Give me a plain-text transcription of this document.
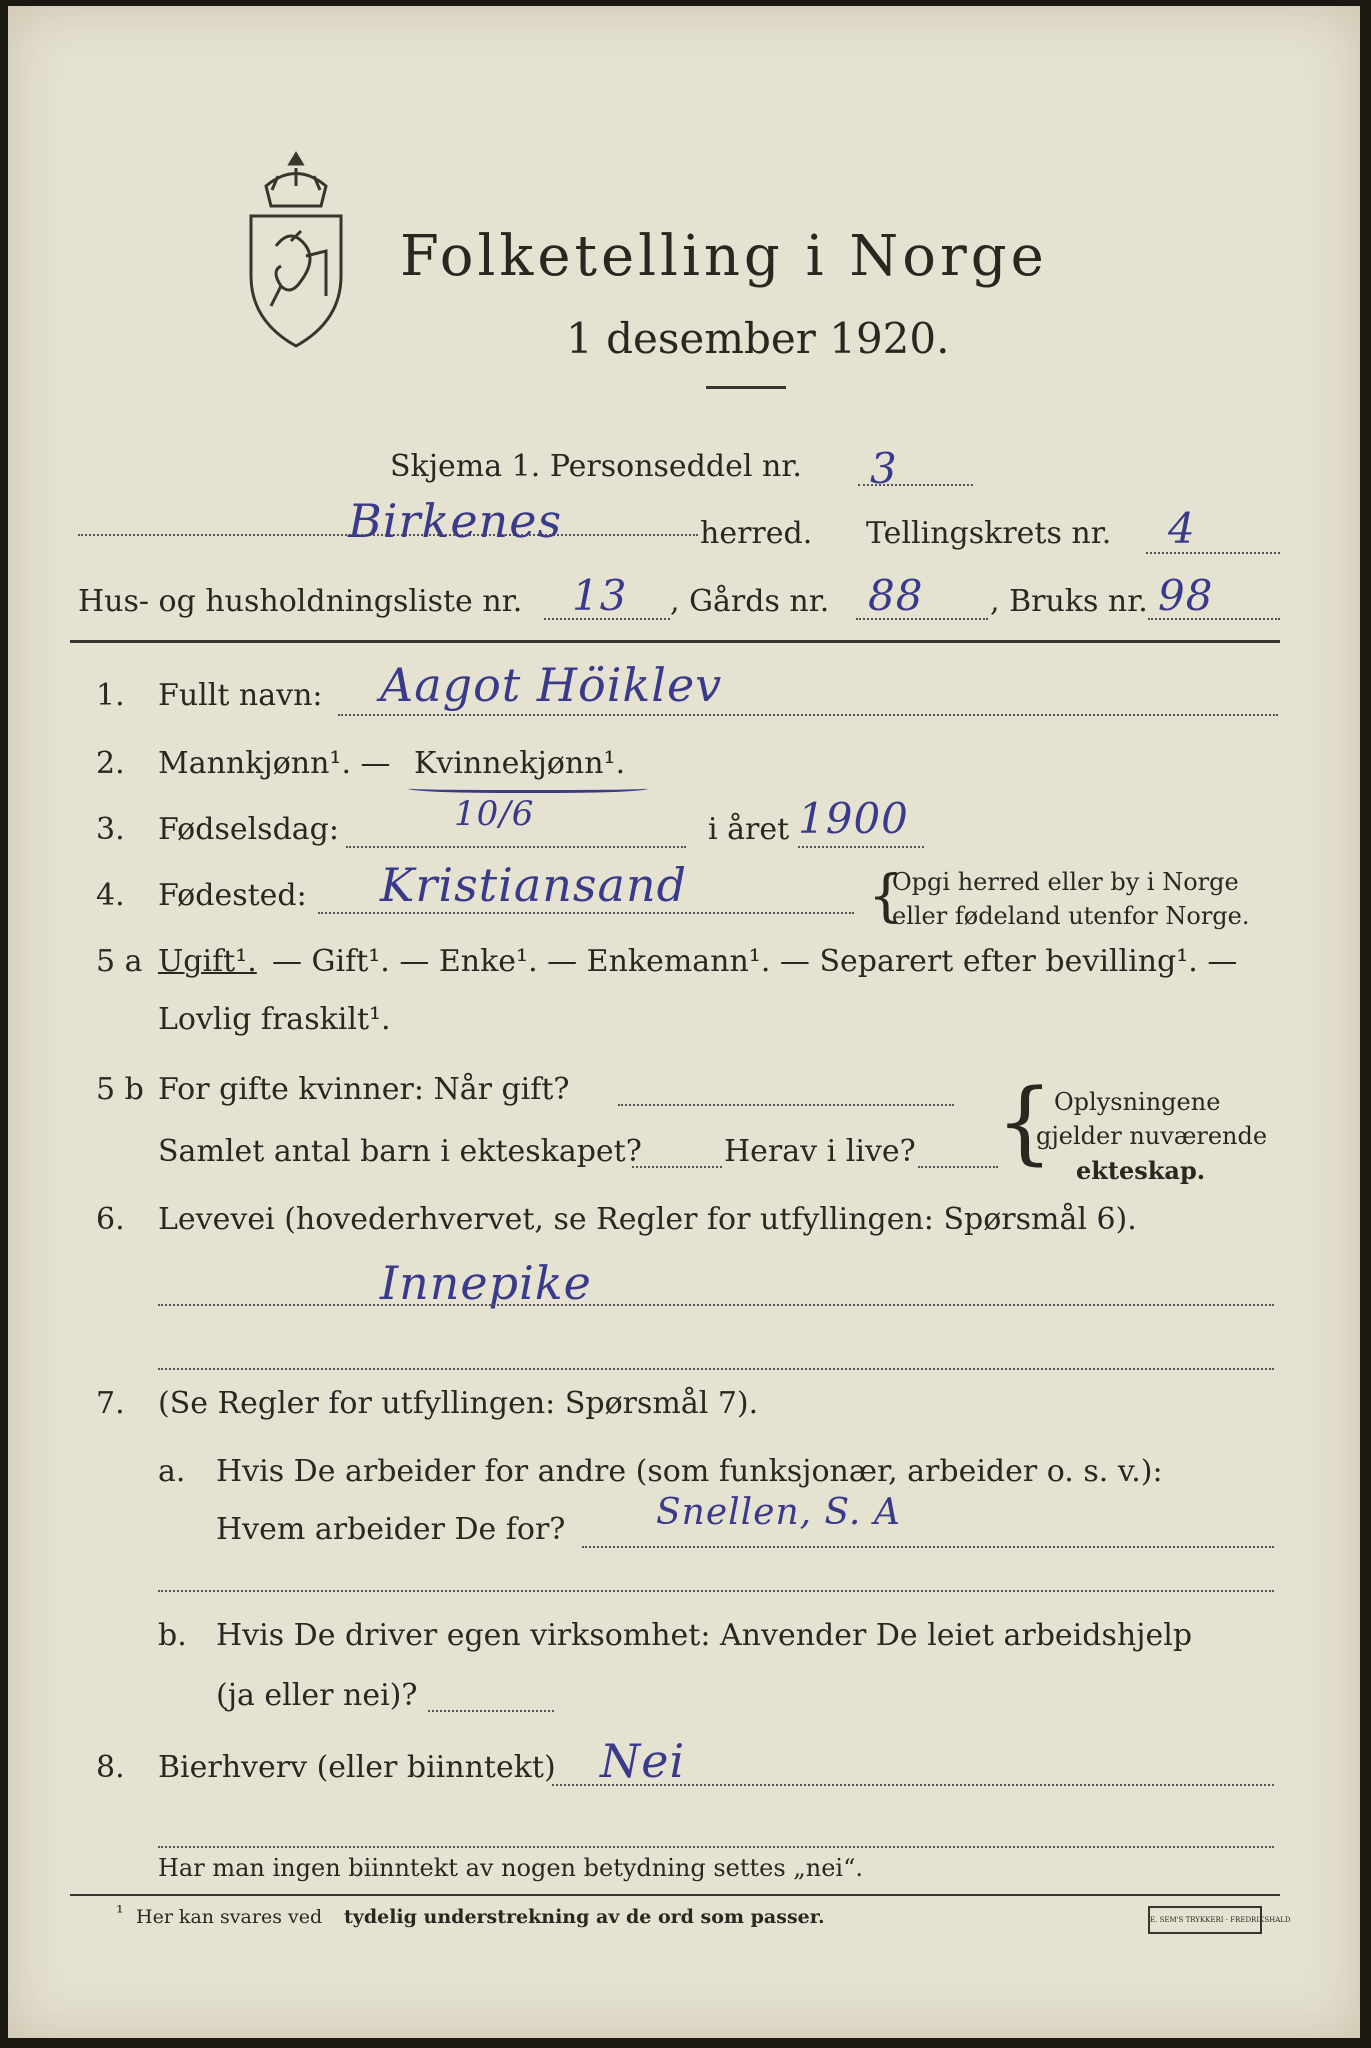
Folketelling i Norge
1 desember 1920.
Skjema 1. Personseddel nr. 3
Birkenes	herred. Tellingskrets nr. 4
Hus- og husholdningsliste nr. 13 , Gårds nr. 88 , Bruks nr. 98
1. Fullt navn: Aagot Höiklev
2. Mannkjønn¹. — Kvinnekjønn¹.
3. Fødselsdag:	10/6	i året 1900
4. Fødested: Kristiansand	{
Opgi herred eller by i Norge
eller fødeland utenfor Norge.
5 a Ugift¹. — Gift¹. — Enke¹. — Enkemann¹. — Separert efter bevilling¹. —
Lovlig fraskilt¹.
5 b For gifte kvinner: Når gift?
Samlet antal barn i ekteskapet?	Herav i live? { Oplysningene
gjelder nuværende
ekteskap.
6. Levevei (hovederhvervet, se Regler for utfyllingen: Spørsmål 6).
Innepike
7. (Se Regler for utfyllingen: Spørsmål 7).
a. Hvis De arbeider for andre (som funksjonær, arbeider o. s. v.):
Hvem arbeider De for?	Snellen, S. A
b. Hvis De driver egen virksomhet: Anvender De leiet arbeidshjelp
(ja eller nei)?
8. Bierhverv (eller biinntekt) Nei
Har man ingen biinntekt av nogen betydning settes „nei“.
¹ Her kan svares ved tydelig understrekning av de ord som passer.	E. SEM'S TRYKKERI · FREDRIKSHALD
